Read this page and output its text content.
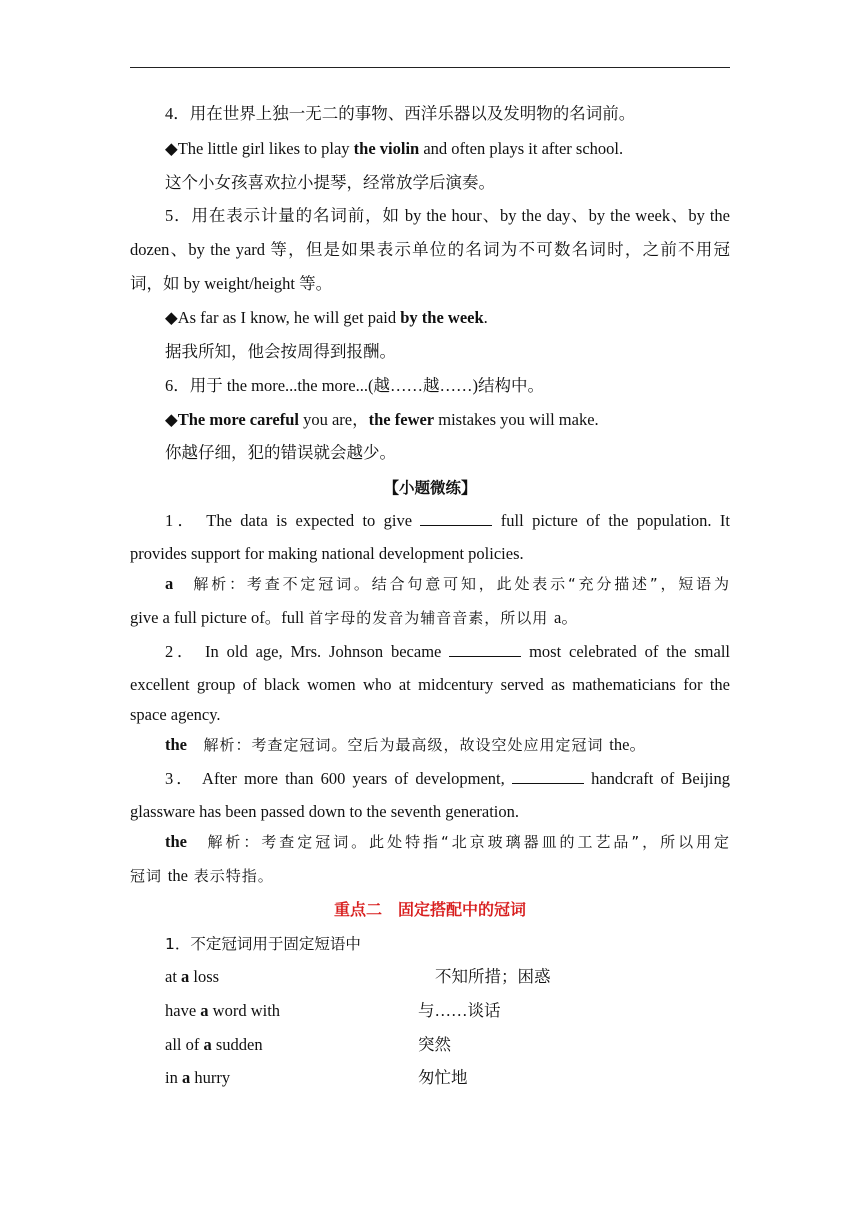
4．用在世界上独一无二的事物、西洋乐器以及发明物的名词前。
◆The little girl likes to play the violin and often plays it after school.
这个小女孩喜欢拉小提琴，经常放学后演奏。
5．用在表示计量的名词前，如 by the hour、by the day、by the week、by the
dozen、by the yard 等，但是如果表示单位的名词为不可数名词时，之前不用冠
词，如 by weight/height 等。
◆As far as I know, he will get paid by the week.
据我所知，他会按周得到报酬。
6．用于 the more...the more...(越……越……)结构中。
◆The more careful you are，the fewer mistakes you will make.
你越仔细，犯的错误就会越少。
【小题微练】
1． The data is expected to give	full picture of the population. It
provides support for making national development policies.
a　 解析：考查不定冠词。结合句意可知，此处表示“充分描述”，短语为
give a full picture of。full 首字母的发音为辅音音素，所以用 a。
2． In old age, Mrs. Johnson became	most celebrated of the small
excellent group of black women who at midcentury served as mathematicians for the
space agency.
the　 解析：考查定冠词。空后为最高级，故设空处应用定冠词 the。
3． After more than 600 years of development,	handcraft of Beijing
glassware has been passed down to the seventh generation.
the　 解析：考查定冠词。此处特指“北京玻璃器皿的工艺品”，所以用定
冠词 the 表示特指。
重点二　固定搭配中的冠词
1．不定冠词用于固定短语中
at a loss	不知所措；困惑
have a word with	与……谈话
all of a sudden	突然
in a hurry	匆忙地
